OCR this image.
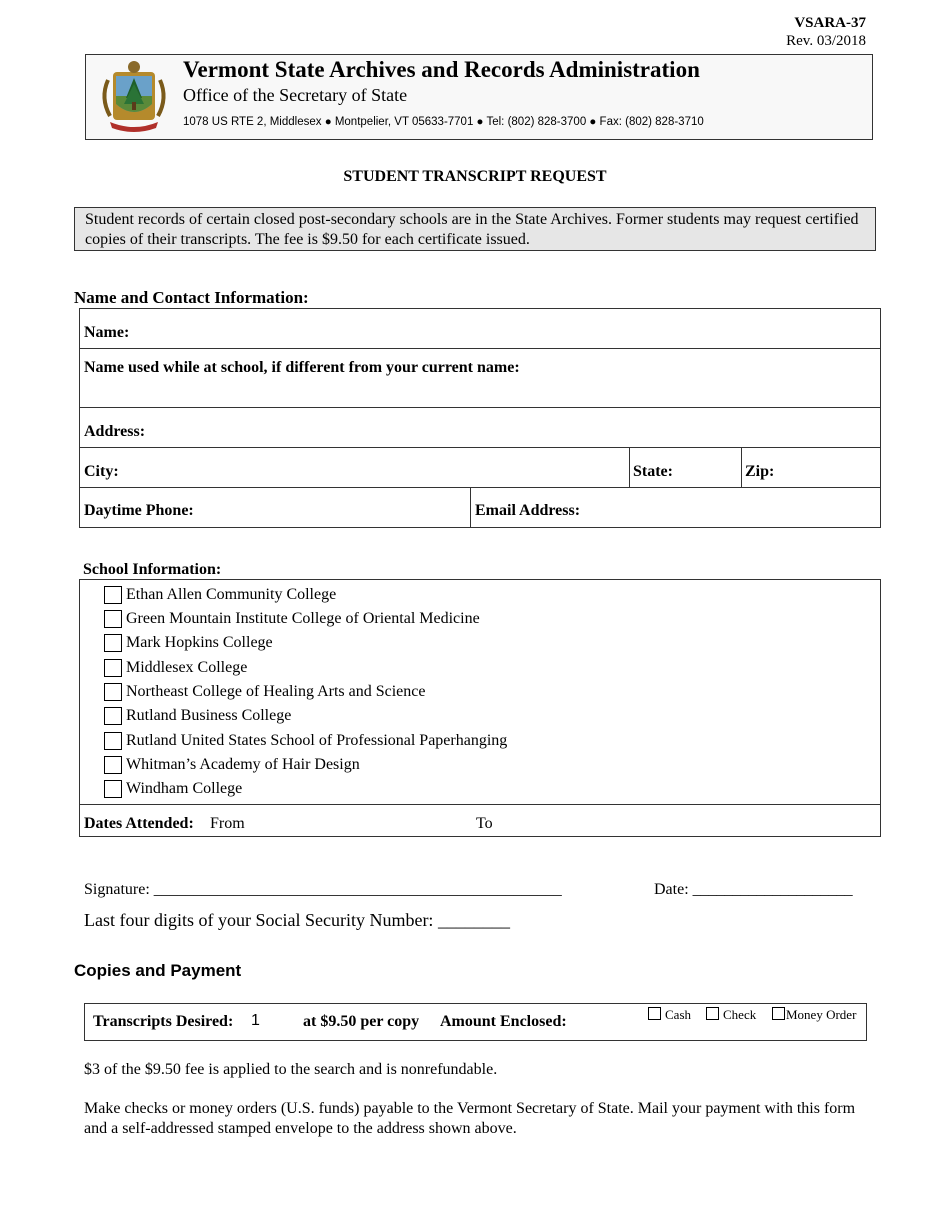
VSARA-37
Rev. 03/2018
Vermont State Archives and Records Administration
Office of the Secretary of State
1078 US RTE 2, Middlesex ● Montpelier, VT 05633-7701 ● Tel: (802) 828-3700 ● Fax: (802) 828-3710
STUDENT TRANSCRIPT REQUEST
Student records of certain closed post-secondary schools are in the State Archives. Former students may request certified copies of their transcripts. The fee is $9.50 for each certificate issued.
Name and Contact Information:
Name:
Name used while at school, if different from your current name:
Address:
City:	State:	Zip:
Daytime Phone:	Email Address:
School Information:
Ethan Allen Community College
Green Mountain Institute College of Oriental Medicine
Mark Hopkins College
Middlesex College
Northeast College of Healing Arts and Science
Rutland Business College
Rutland United States School of Professional Paperhanging
Whitman’s Academy of Hair Design
Windham College
Dates Attended: From	To
Signature: ___________________________________________________	Date: ____________________
Last four digits of your Social Security Number: ________
Copies and Payment
Transcripts Desired: 1	at $9.50 per copy Amount Enclosed:	Cash	Check	Money Order
$3 of the $9.50 fee is applied to the search and is nonrefundable.
Make checks or money orders (U.S. funds) payable to the Vermont Secretary of State. Mail your payment with this form and a self-addressed stamped envelope to the address shown above.
